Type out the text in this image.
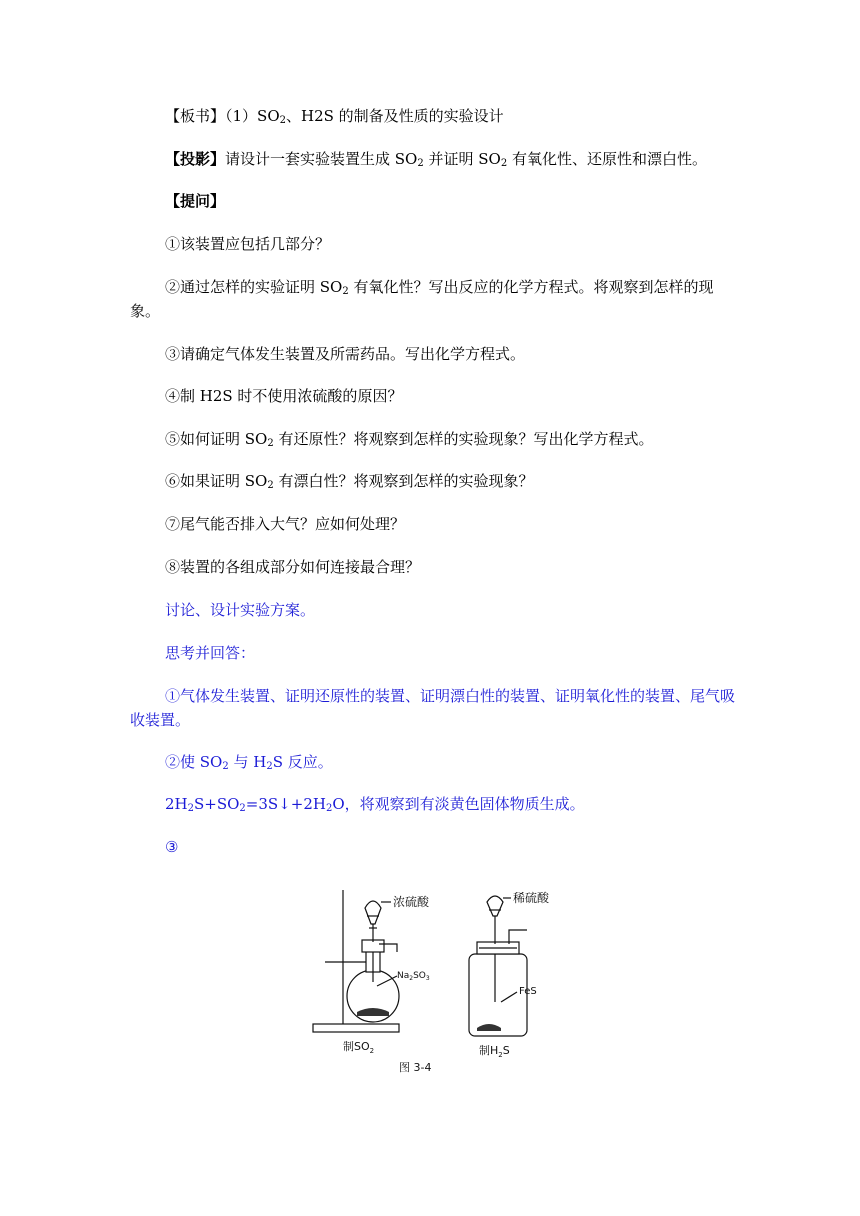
【板书】$(1)SO_2$、H2S 的制备及性质的实验设计
【投影】请设计一套实验装置生成 $SO_2$ 并证明 $SO_2$ 有氧化性、还原性和漂白性。
【提问】
①该装置应包括几部分？
②通过怎样的实验证明 $SO_2$ 有氧化性？写出反应的化学方程式。将观察到怎样的现象。
③请确定气体发生装置及所需药品。写出化学方程式。
④制 H2S 时不使用浓硫酸的原因？
⑤如何证明 $SO_2$ 有还原性？将观察到怎样的实验现象？写出化学方程式。
⑥如果证明 $SO_2$ 有漂白性？将观察到怎样的实验现象？
⑦尾气能否排入大气？应如何处理？
⑧装置的各组成部分如何连接最合理？
讨论、设计实验方案。
思考并回答：
①气体发生装置、证明还原性的装置、证明漂白性的装置、证明氧化性的装置、尾气吸收装置。
②使 $SO_2$ 与 $H_2S$ 反应。
$2H_2S+SO_2=3S↓+2H_2O$，将观察到有淡黄色固体物质生成。
③
浓硫酸
$Na_2SO_3$
制$SO_2$
稀硫酸
FeS
制$H_2S$
图 3-4
